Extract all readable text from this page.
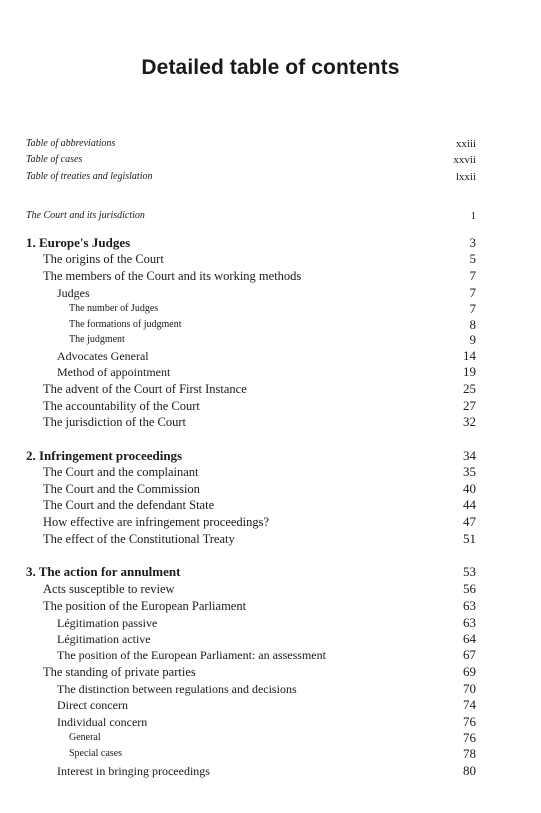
Detailed table of contents
Table of abbreviations	xxiii
Table of cases	xxvii
Table of treaties and legislation	lxxii
The Court and its jurisdiction	1
1. Europe's Judges	3
The origins of the Court	5
The members of the Court and its working methods	7
Judges	7
The number of Judges	7
The formations of judgment	8
The judgment	9
Advocates General	14
Method of appointment	19
The advent of the Court of First Instance	25
The accountability of the Court	27
The jurisdiction of the Court	32
2. Infringement proceedings	34
The Court and the complainant	35
The Court and the Commission	40
The Court and the defendant State	44
How effective are infringement proceedings?	47
The effect of the Constitutional Treaty	51
3. The action for annulment	53
Acts susceptible to review	56
The position of the European Parliament	63
Légitimation passive	63
Légitimation active	64
The position of the European Parliament: an assessment	67
The standing of private parties	69
The distinction between regulations and decisions	70
Direct concern	74
Individual concern	76
General	76
Special cases	78
Interest in bringing proceedings	80
